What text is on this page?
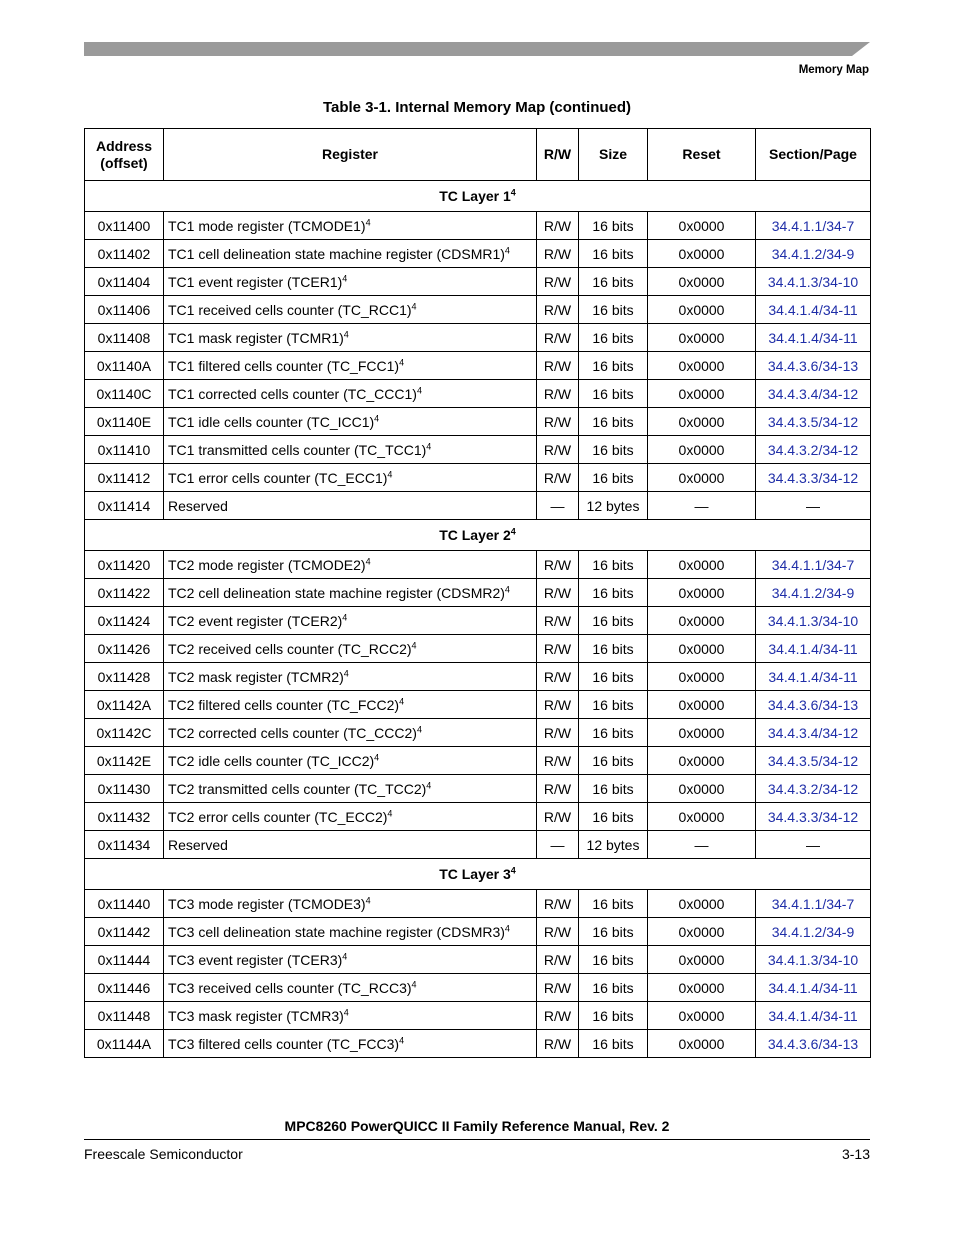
Memory Map
Table 3-1. Internal Memory Map (continued)
Address
(offset)	Register	R/W	Size	Reset	Section/Page
TC Layer $1^4$
0x11400	TC1 mode register (TCMODE1)$^4$	R/W	16 bits	0x0000	34.4.1.1/34-7
0x11402	TC1 cell delineation state machine register (CDSMR1)$^4$	R/W	16 bits	0x0000	34.4.1.2/34-9
0x11404	TC1 event register (TCER1)$^4$	R/W	16 bits	0x0000	34.4.1.3/34-10
0x11406	TC1 received cells counter (TC_RCC1)$^4$	R/W	16 bits	0x0000	34.4.1.4/34-11
0x11408	TC1 mask register (TCMR1)$^4$	R/W	16 bits	0x0000	34.4.1.4/34-11
0x1140A	TC1 filtered cells counter (TC_FCC1)$^4$	R/W	16 bits	0x0000	34.4.3.6/34-13
0x1140C	TC1 corrected cells counter (TC_CCC1)$^4$	R/W	16 bits	0x0000	34.4.3.4/34-12
0x1140E	TC1 idle cells counter (TC_ICC1)$^4$	R/W	16 bits	0x0000	34.4.3.5/34-12
0x11410	TC1 transmitted cells counter (TC_TCC1)$^4$	R/W	16 bits	0x0000	34.4.3.2/34-12
0x11412	TC1 error cells counter (TC_ECC1)$^4$	R/W	16 bits	0x0000	34.4.3.3/34-12
0x11414	Reserved	—	12 bytes	—	—
TC Layer $2^4$
0x11420	TC2 mode register (TCMODE2)$^4$	R/W	16 bits	0x0000	34.4.1.1/34-7
0x11422	TC2 cell delineation state machine register (CDSMR2)$^4$	R/W	16 bits	0x0000	34.4.1.2/34-9
0x11424	TC2 event register (TCER2)$^4$	R/W	16 bits	0x0000	34.4.1.3/34-10
0x11426	TC2 received cells counter (TC_RCC2)$^4$	R/W	16 bits	0x0000	34.4.1.4/34-11
0x11428	TC2 mask register (TCMR2)$^4$	R/W	16 bits	0x0000	34.4.1.4/34-11
0x1142A	TC2 filtered cells counter (TC_FCC2)$^4$	R/W	16 bits	0x0000	34.4.3.6/34-13
0x1142C	TC2 corrected cells counter (TC_CCC2)$^4$	R/W	16 bits	0x0000	34.4.3.4/34-12
0x1142E	TC2 idle cells counter (TC_ICC2)$^4$	R/W	16 bits	0x0000	34.4.3.5/34-12
0x11430	TC2 transmitted cells counter (TC_TCC2)$^4$	R/W	16 bits	0x0000	34.4.3.2/34-12
0x11432	TC2 error cells counter (TC_ECC2)$^4$	R/W	16 bits	0x0000	34.4.3.3/34-12
0x11434	Reserved	—	12 bytes	—	—
TC Layer $3^4$
0x11440	TC3 mode register (TCMODE3)$^4$	R/W	16 bits	0x0000	34.4.1.1/34-7
0x11442	TC3 cell delineation state machine register (CDSMR3)$^4$	R/W	16 bits	0x0000	34.4.1.2/34-9
0x11444	TC3 event register (TCER3)$^4$	R/W	16 bits	0x0000	34.4.1.3/34-10
0x11446	TC3 received cells counter (TC_RCC3)$^4$	R/W	16 bits	0x0000	34.4.1.4/34-11
0x11448	TC3 mask register (TCMR3)$^4$	R/W	16 bits	0x0000	34.4.1.4/34-11
0x1144A	TC3 filtered cells counter (TC_FCC3)$^4$	R/W	16 bits	0x0000	34.4.3.6/34-13
MPC8260 PowerQUICC II Family Reference Manual, Rev. 2
Freescale Semiconductor	3-13
